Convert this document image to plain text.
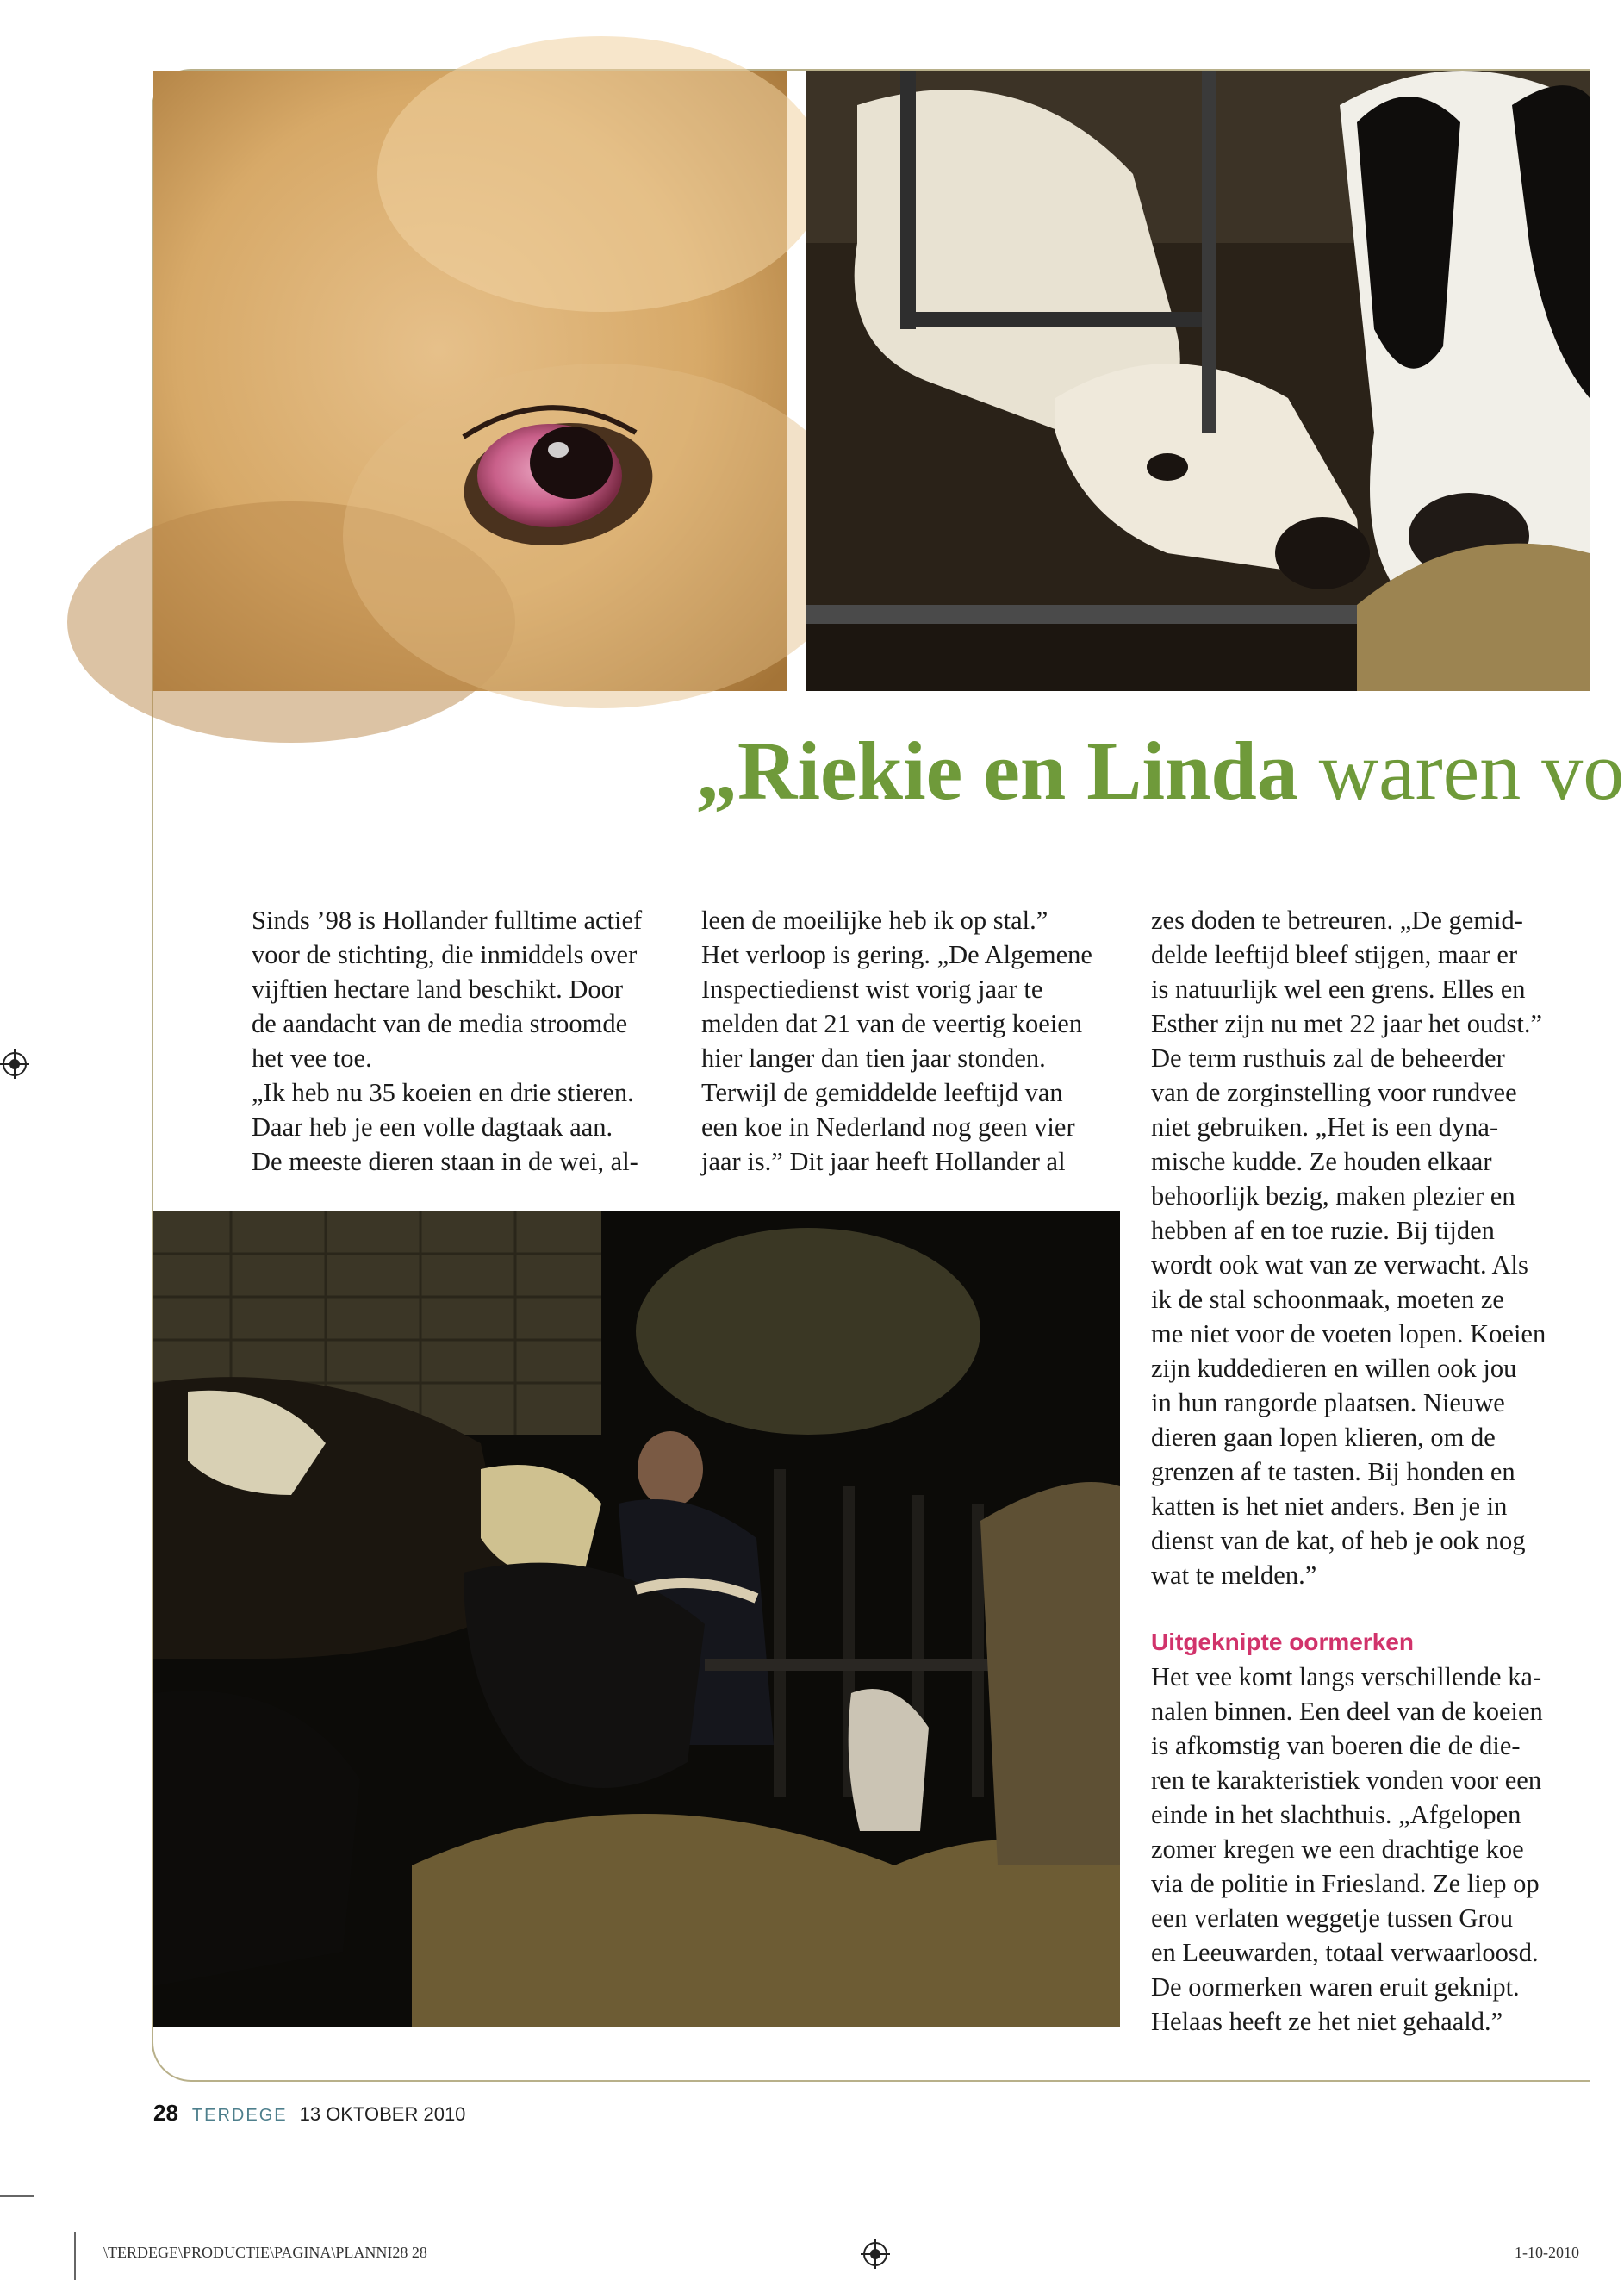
„Riekie en Linda waren vo

Sinds ’98 is Hollander fulltime actief
voor de stichting, die inmiddels over
vijftien hectare land beschikt. Door
de aandacht van de media stroomde
het vee toe.
„Ik heb nu 35 koeien en drie stieren.
Daar heb je een volle dagtaak aan.
De meeste dieren staan in de wei, al-

leen de moeilijke heb ik op stal.”
Het verloop is gering. „De Algemene
Inspectiedienst wist vorig jaar te
melden dat 21 van de veertig koeien
hier langer dan tien jaar stonden.
Terwijl de gemiddelde leeftijd van
een koe in Nederland nog geen vier
jaar is.” Dit jaar heeft Hollander al

zes doden te betreuren. „De gemid-
delde leeftijd bleef stijgen, maar er
is natuurlijk wel een grens. Elles en
Esther zijn nu met 22 jaar het oudst.”
De term rusthuis zal de beheerder
van de zorginstelling voor rundvee
niet gebruiken. „Het is een dyna-
mische kudde. Ze houden elkaar
behoorlijk bezig, maken plezier en
hebben af en toe ruzie. Bij tijden
wordt ook wat van ze verwacht. Als
ik de stal schoonmaak, moeten ze
me niet voor de voeten lopen. Koeien
zijn kuddedieren en willen ook jou
in hun rangorde plaatsen. Nieuwe
dieren gaan lopen klieren, om de
grenzen af te tasten. Bij honden en
katten is het niet anders. Ben je in
dienst van de kat, of heb je ook nog
wat te melden.”

Uitgeknipte oormerken

Het vee komt langs verschillende ka-
nalen binnen. Een deel van de koeien
is afkomstig van boeren die de die-
ren te karakteristiek vonden voor een
einde in het slachthuis. „Afgelopen
zomer kregen we een drachtige koe
via de politie in Friesland. Ze liep op
een verlaten weggetje tussen Grou
en Leeuwarden, totaal verwaarloosd.
De oormerken waren eruit geknipt.
Helaas heeft ze het niet gehaald.”

28 TERDEGE 13 OKTOBER 2010
\TERDEGE\PRODUCTIE\PAGINA\PLANNI28 28	1-10-2010
